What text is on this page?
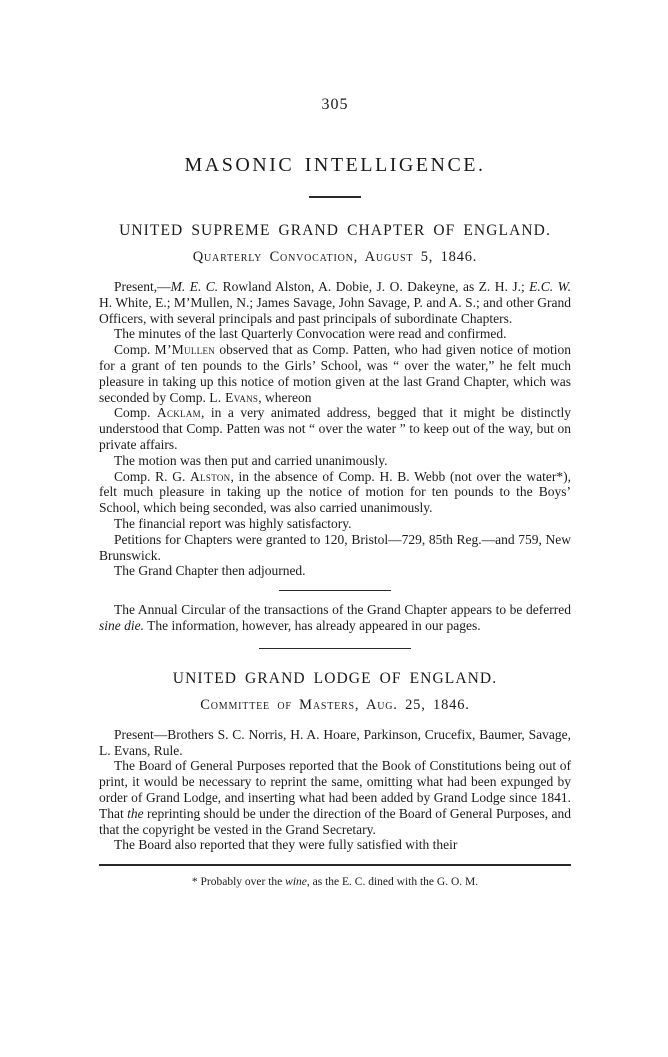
305
MASONIC INTELLIGENCE.
UNITED SUPREME GRAND CHAPTER OF ENGLAND.
Quarterly Convocation, August 5, 1846.

Present,—M. E. C. Rowland Alston, A. Dobie, J. O. Dakeyne, as Z. H. J.; E.C. W. H. White, E.; M’Mullen, N.; James Savage, John Savage, P. and A. S.; and other Grand Officers, with several principals and past principals of subordinate Chapters.

The minutes of the last Quarterly Convocation were read and confirmed.

Comp. M’Mullen observed that as Comp. Patten, who had given notice of motion for a grant of ten pounds to the Girls’ School, was “ over the water,” he felt much pleasure in taking up this notice of motion given at the last Grand Chapter, which was seconded by Comp. L. Evans, whereon

Comp. Acklam, in a very animated address, begged that it might be distinctly understood that Comp. Patten was not “ over the water ” to keep out of the way, but on private affairs.

The motion was then put and carried unanimously.

Comp. R. G. Alston, in the absence of Comp. H. B. Webb (not over the water*), felt much pleasure in taking up the notice of motion for ten pounds to the Boys’ School, which being seconded, was also carried unanimously.

The financial report was highly satisfactory.

Petitions for Chapters were granted to 120, Bristol—729, 85th Reg.—and 759, New Brunswick.

The Grand Chapter then adjourned.

The Annual Circular of the transactions of the Grand Chapter appears to be deferred sine die. The information, however, has already appeared in our pages.

UNITED GRAND LODGE OF ENGLAND.
Committee of Masters, Aug. 25, 1846.

Present—Brothers S. C. Norris, H. A. Hoare, Parkinson, Crucefix, Baumer, Savage, L. Evans, Rule.

The Board of General Purposes reported that the Book of Constitutions being out of print, it would be necessary to reprint the same, omitting what had been expunged by order of Grand Lodge, and inserting what had been added by Grand Lodge since 1841. That the reprinting should be under the direction of the Board of General Purposes, and that the copyright be vested in the Grand Secretary.

The Board also reported that they were fully satisfied with their

* Probably over the wine, as the E. C. dined with the G. O. M.
